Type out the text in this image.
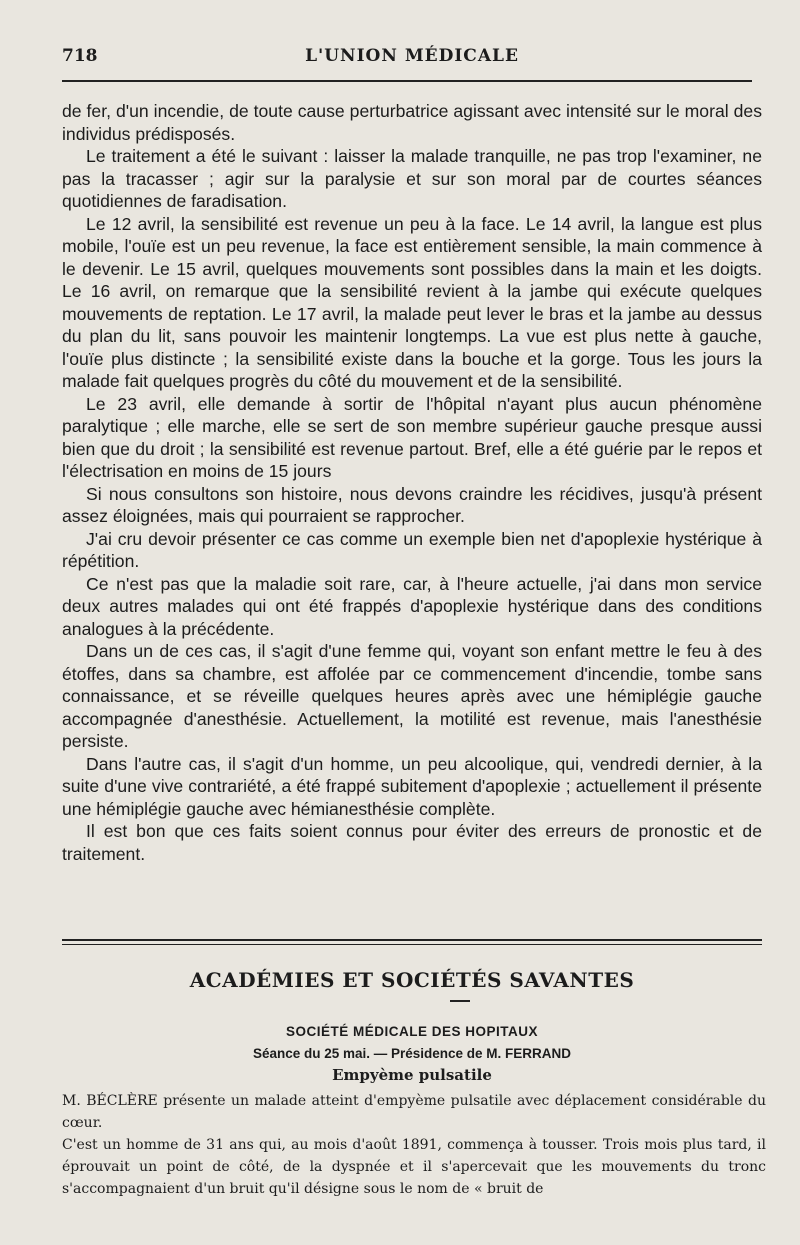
718	L'UNION MÉDICALE

de fer, d'un incendie, de toute cause perturbatrice agissant avec intensité sur le moral des individus prédisposés.

Le traitement a été le suivant : laisser la malade tranquille, ne pas trop l'examiner, ne pas la tracasser ; agir sur la paralysie et sur son moral par de courtes séances quotidiennes de faradisation.

Le 12 avril, la sensibilité est revenue un peu à la face. Le 14 avril, la langue est plus mobile, l'ouïe est un peu revenue, la face est entièrement sensible, la main commence à le devenir. Le 15 avril, quelques mouvements sont possibles dans la main et les doigts. Le 16 avril, on remarque que la sensibilité revient à la jambe qui exécute quelques mouvements de reptation. Le 17 avril, la malade peut lever le bras et la jambe au dessus du plan du lit, sans pouvoir les maintenir longtemps. La vue est plus nette à gauche, l'ouïe plus distincte ; la sensibilité existe dans la bouche et la gorge. Tous les jours la malade fait quelques progrès du côté du mouvement et de la sensibilité.

Le 23 avril, elle demande à sortir de l'hôpital n'ayant plus aucun phénomène paralytique ; elle marche, elle se sert de son membre supérieur gauche presque aussi bien que du droit ; la sensibilité est revenue partout. Bref, elle a été guérie par le repos et l'électrisation en moins de 15 jours

Si nous consultons son histoire, nous devons craindre les récidives, jusqu'à présent assez éloignées, mais qui pourraient se rapprocher.

J'ai cru devoir présenter ce cas comme un exemple bien net d'apoplexie hystérique à répétition.

Ce n'est pas que la maladie soit rare, car, à l'heure actuelle, j'ai dans mon service deux autres malades qui ont été frappés d'apoplexie hystérique dans des conditions analogues à la précédente.

Dans un de ces cas, il s'agit d'une femme qui, voyant son enfant mettre le feu à des étoffes, dans sa chambre, est affolée par ce commencement d'incendie, tombe sans connaissance, et se réveille quelques heures après avec une hémiplégie gauche accompagnée d'anesthésie. Actuellement, la motilité est revenue, mais l'anesthésie persiste.

Dans l'autre cas, il s'agit d'un homme, un peu alcoolique, qui, vendredi dernier, à la suite d'une vive contrariété, a été frappé subitement d'apoplexie ; actuellement il présente une hémiplégie gauche avec hémianesthésie complète.

Il est bon que ces faits soient connus pour éviter des erreurs de pronostic et de traitement.

ACADÉMIES ET SOCIÉTÉS SAVANTES
SOCIÉTÉ MÉDICALE DES HOPITAUX
Séance du 25 mai. — Présidence de M. FERRAND
Empyème pulsatile

M. BÉCLÈRE présente un malade atteint d'empyème pulsatile avec déplacement considérable du cœur.

C'est un homme de 31 ans qui, au mois d'août 1891, commença à tousser. Trois mois plus tard, il éprouvait un point de côté, de la dyspnée et il s'apercevait que les mouvements du tronc s'accompagnaient d'un bruit qu'il désigne sous le nom de « bruit de
